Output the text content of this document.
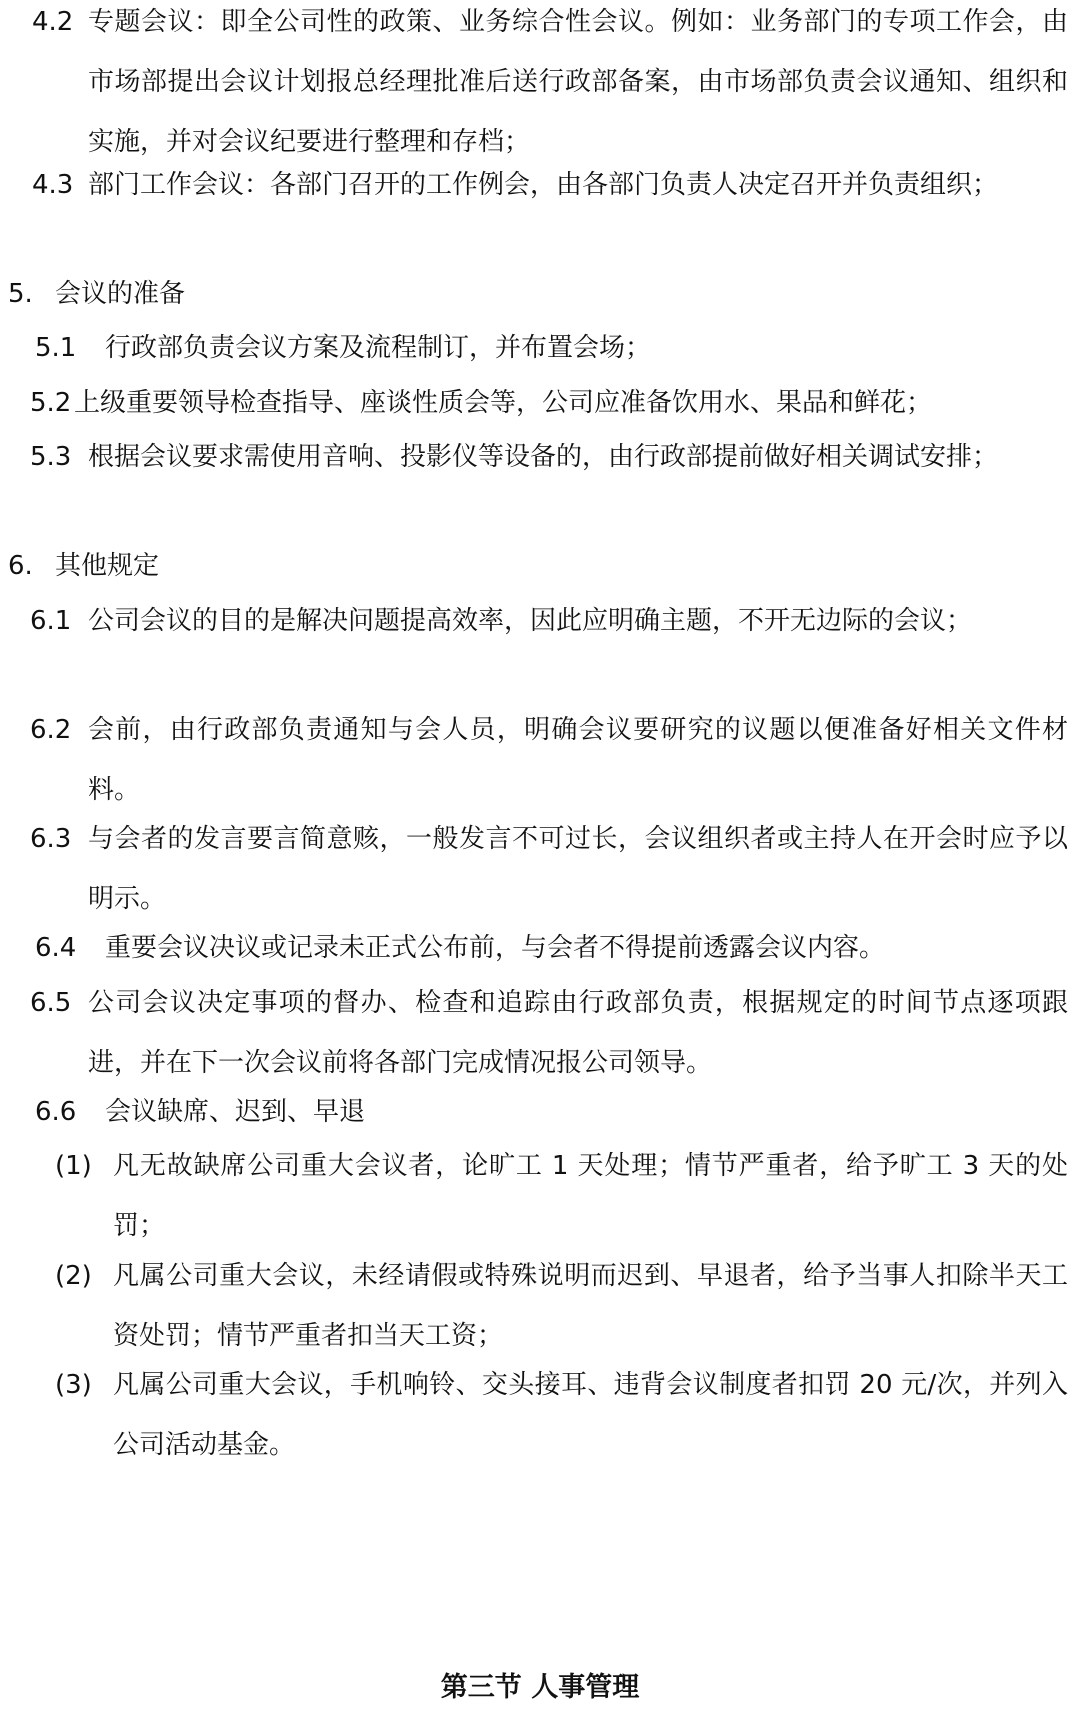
4.2 专题会议：即全公司性的政策、业务综合性会议。例如：业务部门的专项工作会，由市场部提出会议计划报总经理批准后送行政部备案，由市场部负责会议通知、组织和实施，并对会议纪要进行整理和存档；
4.3 部门工作会议：各部门召开的工作例会，由各部门负责人决定召开并负责组织；
5. 会议的准备
5.1 行政部负责会议方案及流程制订，并布置会场；
5.2 上级重要领导检查指导、座谈性质会等，公司应准备饮用水、果品和鲜花；
5.3 根据会议要求需使用音响、投影仪等设备的，由行政部提前做好相关调试安排；
6. 其他规定
6.1 公司会议的目的是解决问题提高效率，因此应明确主题，不开无边际的会议；
6.2 会前，由行政部负责通知与会人员，明确会议要研究的议题以便准备好相关文件材料。
6.3 与会者的发言要言简意赅，一般发言不可过长，会议组织者或主持人在开会时应予以明示。
6.4 重要会议决议或记录未正式公布前，与会者不得提前透露会议内容。
6.5 公司会议决定事项的督办、检查和追踪由行政部负责，根据规定的时间节点逐项跟进，并在下一次会议前将各部门完成情况报公司领导。
6.6 会议缺席、迟到、早退
(1) 凡无故缺席公司重大会议者，论旷工 1 天处理；情节严重者，给予旷工 3 天的处罚；
(2) 凡属公司重大会议，未经请假或特殊说明而迟到、早退者，给予当事人扣除半天工资处罚；情节严重者扣当天工资；
(3) 凡属公司重大会议，手机响铃、交头接耳、违背会议制度者扣罚 20 元/次，并列入公司活动基金。
第三节 人事管理
